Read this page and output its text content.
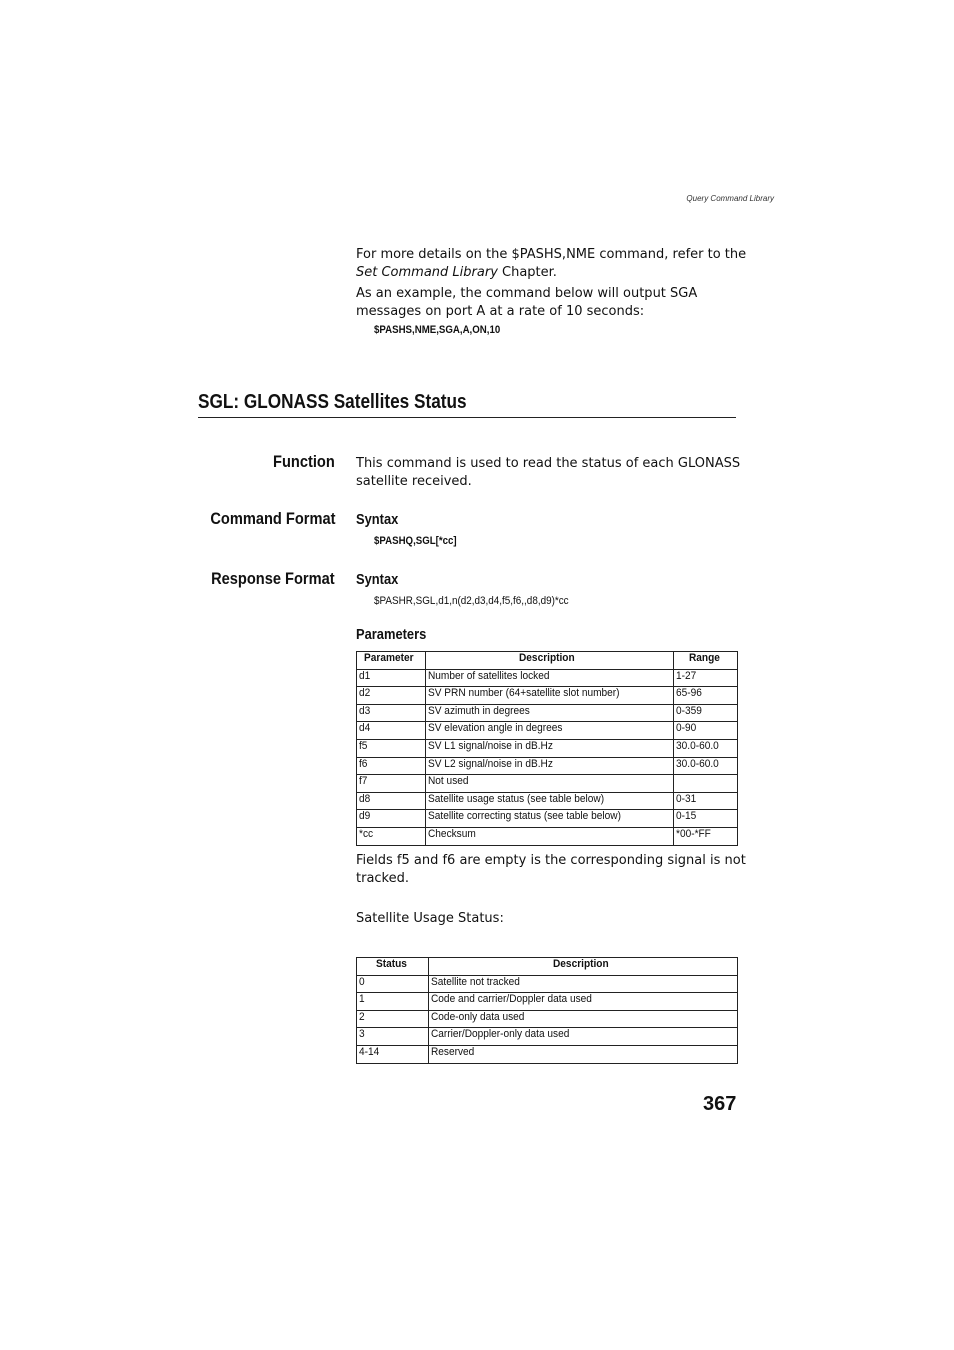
Query Command Library
For more details on the $PASHS,NME command, refer to the
Set Command Library Chapter.
As an example, the command below will output SGA
messages on port A at a rate of 10 seconds:
$PASHS,NME,SGA,A,ON,10
SGL: GLONASS Satellites Status
Function This command is used to read the status of each GLONASS
satellite received.
Command Format Syntax
$PASHQ,SGL[*cc]
Response Format Syntax
$PASHR,SGL,d1,n(d2,d3,d4,f5,f6,,d8,d9)*cc
Parameters
Parameter	Description	Range
d1	Number of satellites locked	1-27
d2	SV PRN number (64+satellite slot number)	65-96
d3	SV azimuth in degrees	0-359
d4	SV elevation angle in degrees	0-90
f5	SV L1 signal/noise in dB.Hz	30.0-60.0
f6	SV L2 signal/noise in dB.Hz	30.0-60.0
f7	Not used	
d8	Satellite usage status (see table below)	0-31
d9	Satellite correcting status (see table below)	0-15
*cc	Checksum	*00-*FF
Fields f5 and f6 are empty is the corresponding signal is not
tracked.
Satellite Usage Status:
Status	Description
0	Satellite not tracked
1	Code and carrier/Doppler data used
2	Code-only data used
3	Carrier/Doppler-only data used
4-14	Reserved
367
